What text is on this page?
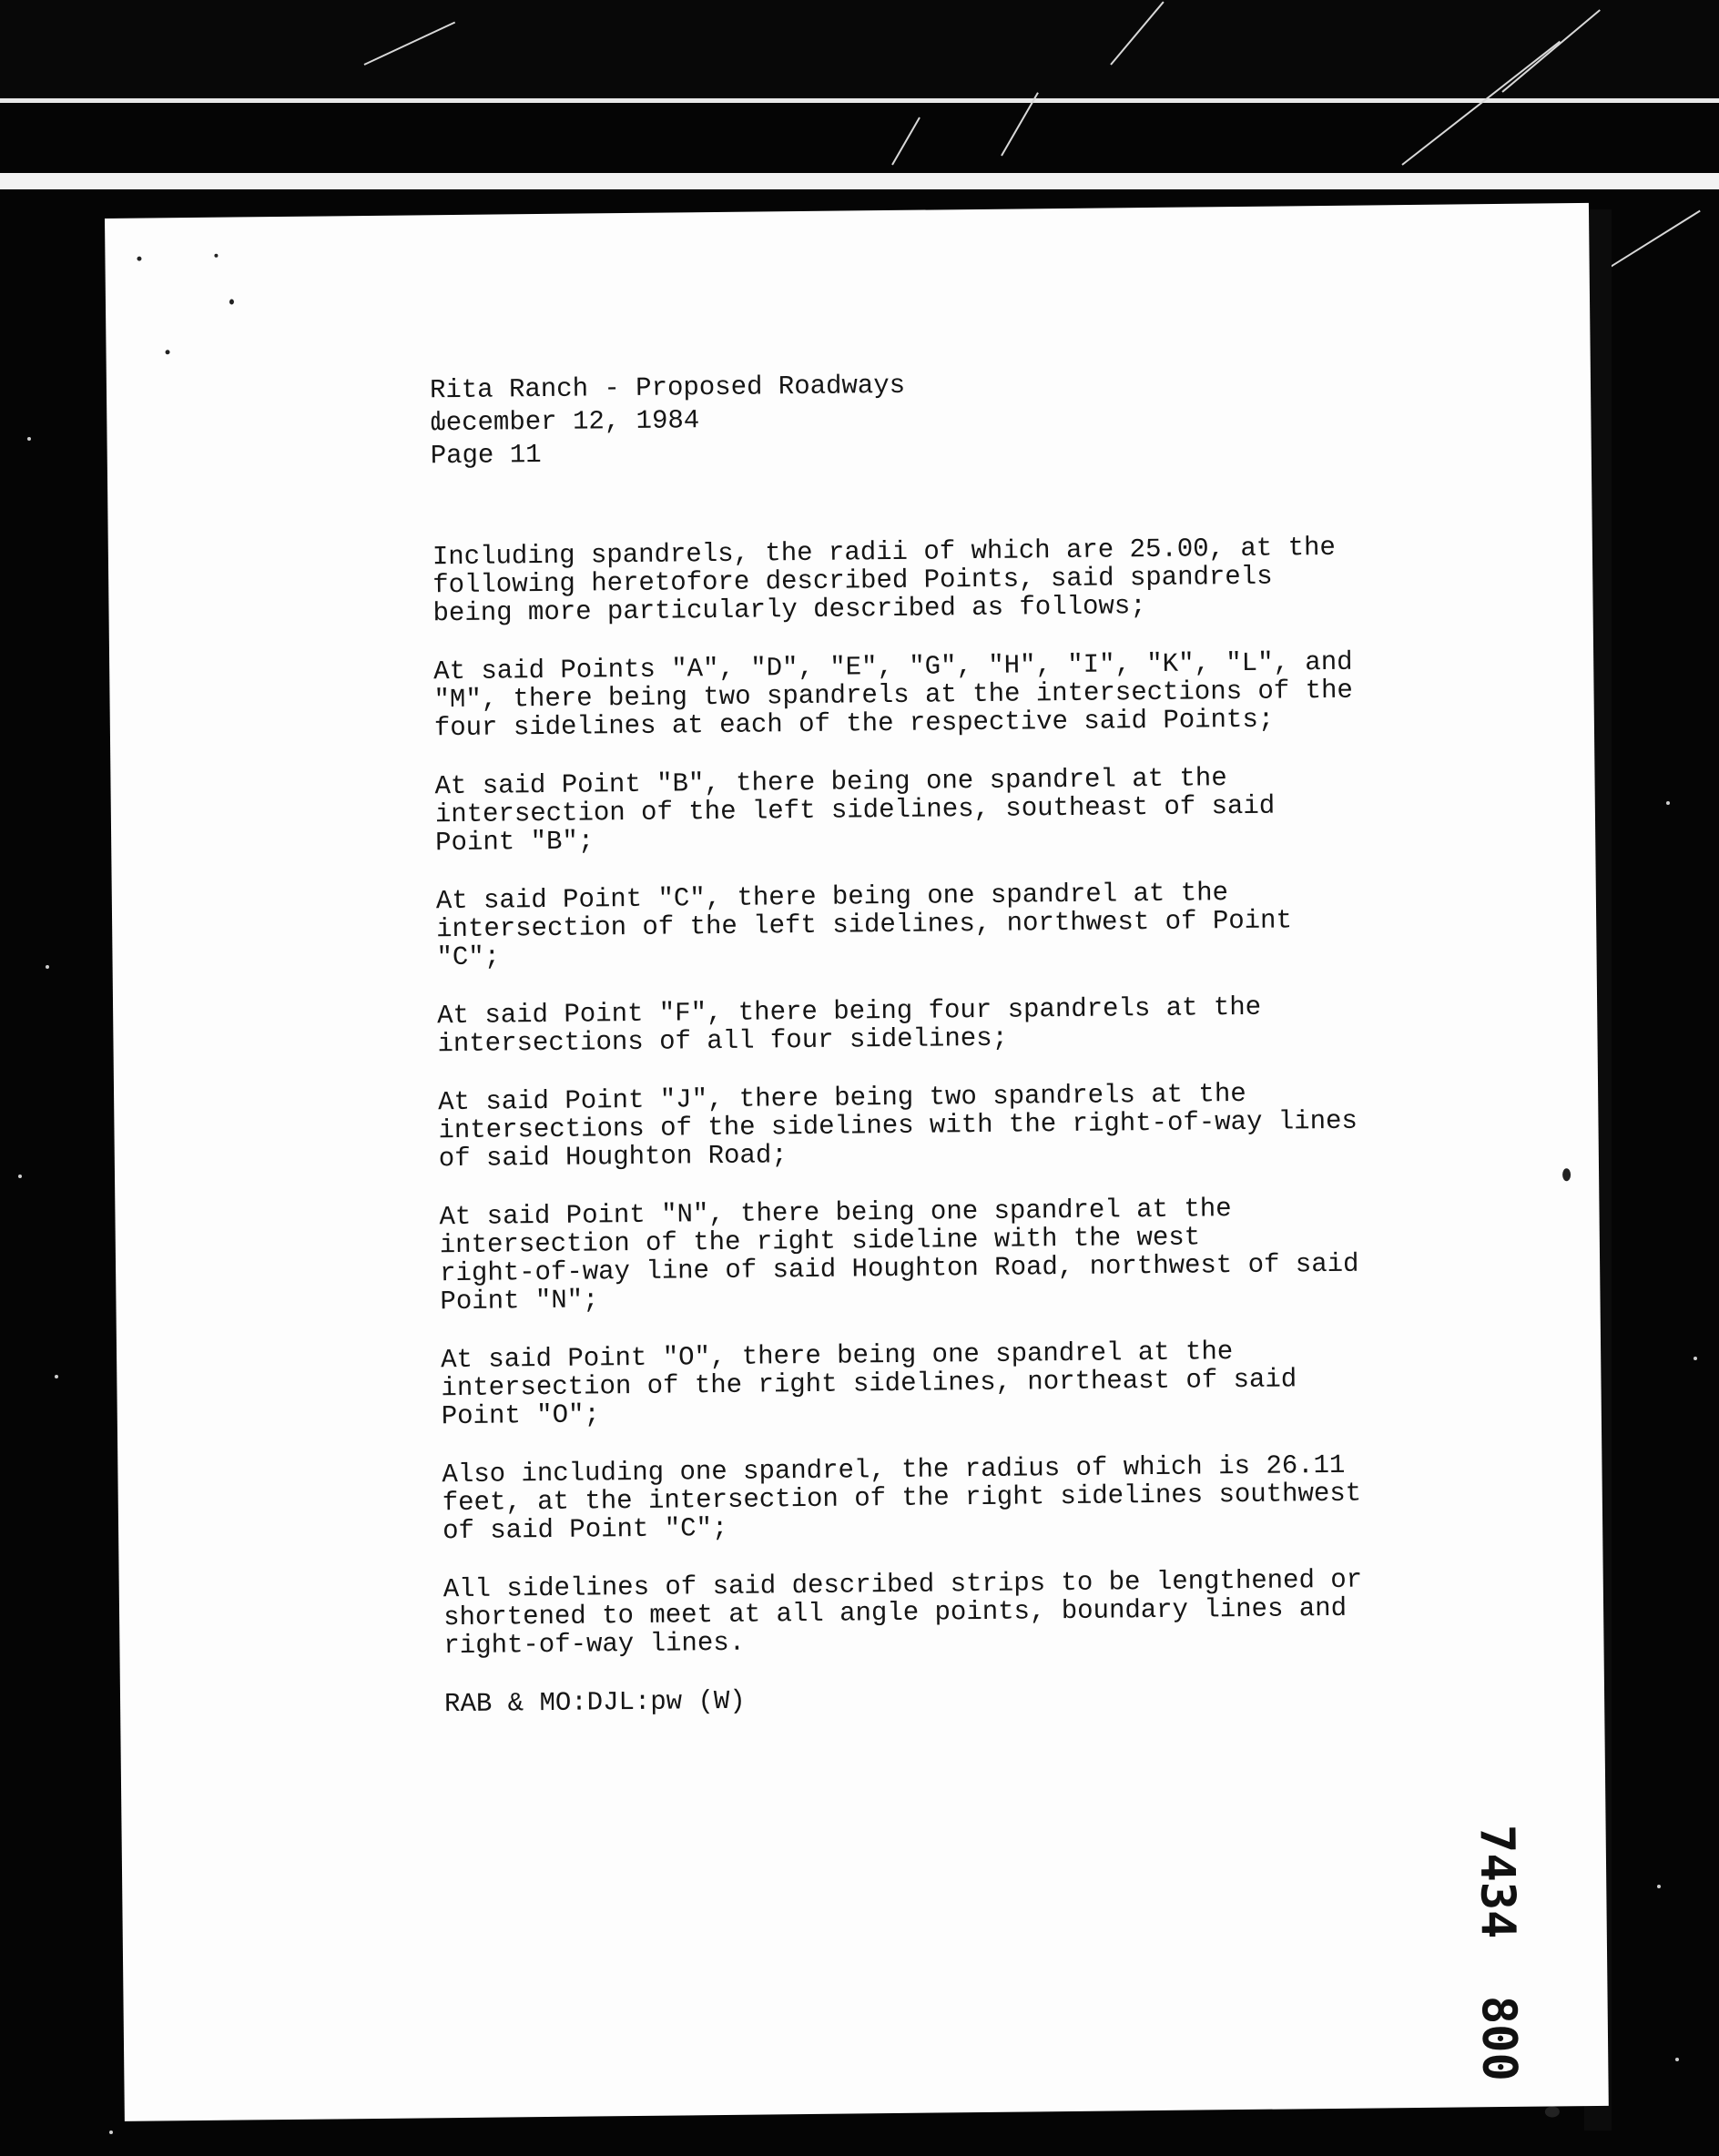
Rita Ranch - Proposed Roadways
ԃecember 12, 1984
Page 11

Including spandrels, the radii of which are 25.00, at the
following heretofore described Points, said spandrels
being more particularly described as follows;

At said Points "A", "D", "E", "G", "H", "I", "K", "L", and
"M", there being two spandrels at the intersections of the
four sidelines at each of the respective said Points;

At said Point "B", there being one spandrel at the
intersection of the left sidelines, southeast of said
Point "B";

At said Point "C", there being one spandrel at the
intersection of the left sidelines, northwest of Point
"C";

At said Point "F", there being four spandrels at the
intersections of all four sidelines;

At said Point "J", there being two spandrels at the
intersections of the sidelines with the right-of-way lines
of said Houghton Road;

At said Point "N", there being one spandrel at the
intersection of the right sideline with the west
right-of-way line of said Houghton Road, northwest of said
Point "N";

At said Point "O", there being one spandrel at the
intersection of the right sidelines, northeast of said
Point "O";

Also including one spandrel, the radius of which is 26.11
feet, at the intersection of the right sidelines southwest
of said Point "C";

All sidelines of said described strips to be lengthened or
shortened to meet at all angle points, boundary lines and
right-of-way lines.

RAB & MO:DJL:pw (W)
7434  800
